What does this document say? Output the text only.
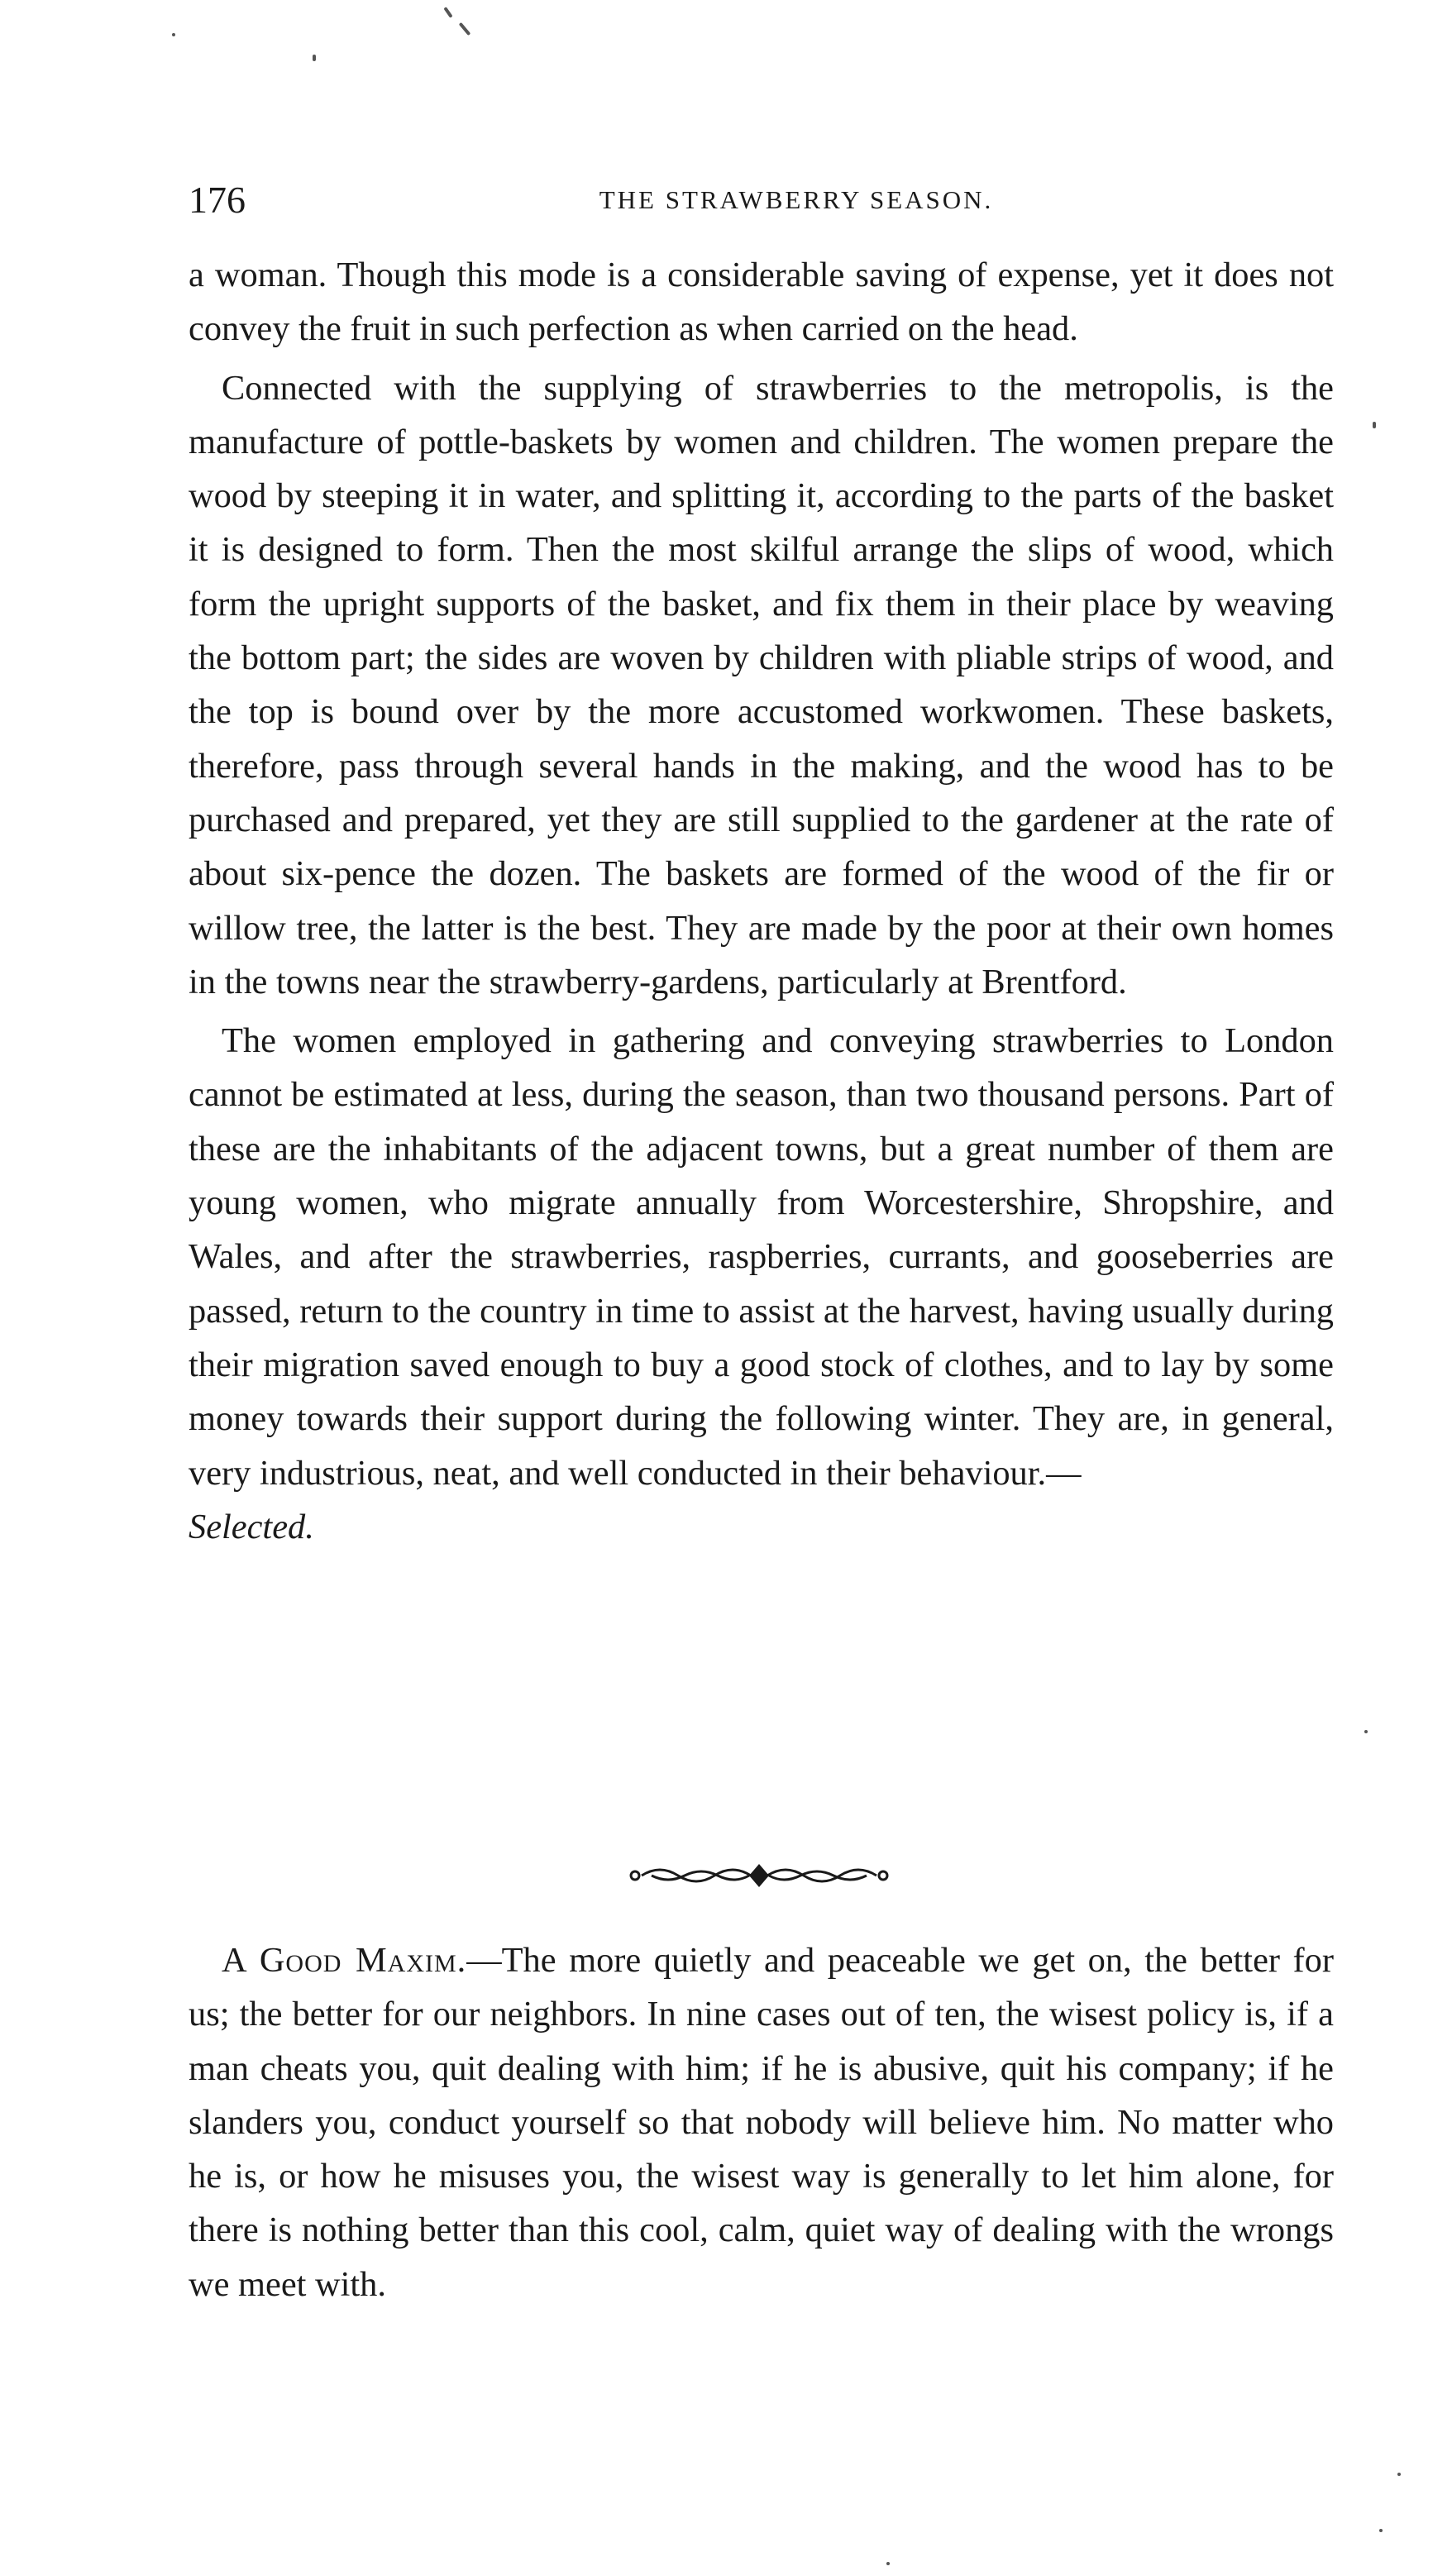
176	THE STRAWBERRY SEASON.

a woman. Though this mode is a considerable saving of expense, yet it does not convey the fruit in such perfection as when carried on the head.

Connected with the supplying of strawberries to the metropolis, is the manufacture of pottle-baskets by women and children. The women prepare the wood by steeping it in water, and splitting it, according to the parts of the basket it is designed to form. Then the most skilful arrange the slips of wood, which form the upright supports of the basket, and fix them in their place by weaving the bottom part; the sides are woven by children with pliable strips of wood, and the top is bound over by the more accustomed workwomen. These baskets, therefore, pass through several hands in the making, and the wood has to be purchased and prepared, yet they are still supplied to the gardener at the rate of about six-pence the dozen. The baskets are formed of the wood of the fir or willow tree, the latter is the best. They are made by the poor at their own homes in the towns near the strawberry-gardens, particularly at Brentford.

The women employed in gathering and conveying strawberries to London cannot be estimated at less, during the season, than two thousand persons. Part of these are the inhabitants of the adjacent towns, but a great number of them are young women, who migrate annually from Worcestershire, Shropshire, and Wales, and after the strawberries, raspberries, currants, and gooseberries are passed, return to the country in time to assist at the harvest, having usually during their migration saved enough to buy a good stock of clothes, and to lay by some money towards their support during the following winter. They are, in general, very industrious, neat, and well conducted in their behaviour.—
Selected.

A Good Maxim.—The more quietly and peaceable we get on, the better for us; the better for our neighbors. In nine cases out of ten, the wisest policy is, if a man cheats you, quit dealing with him; if he is abusive, quit his company; if he slanders you, conduct yourself so that nobody will believe him. No matter who he is, or how he misuses you, the wisest way is generally to let him alone, for there is nothing better than this cool, calm, quiet way of dealing with the wrongs we meet with.
